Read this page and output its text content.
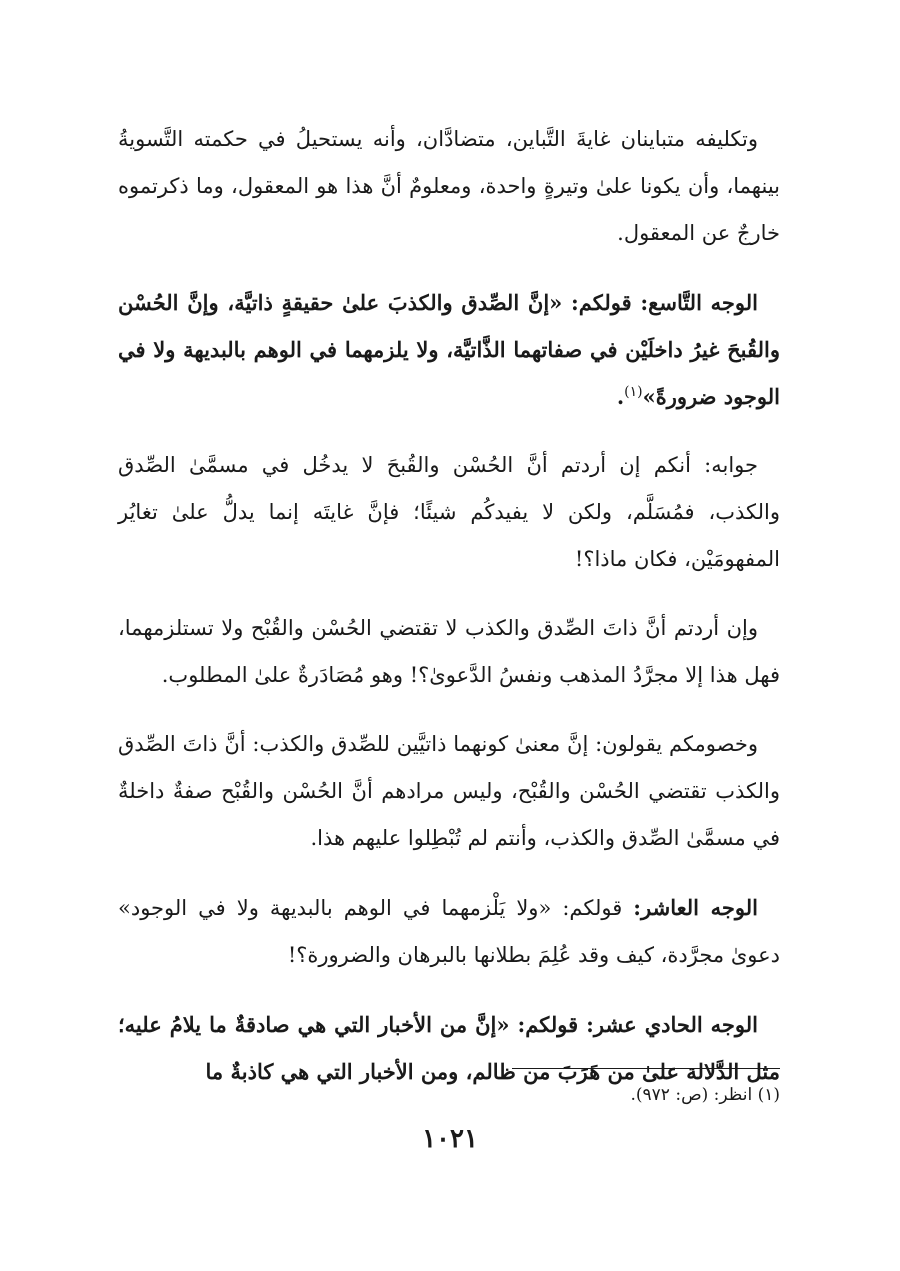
وتكليفه متباينان غايةَ التَّباين، متضادَّان، وأنه يستحيلُ في حكمته التَّسويةُ بينهما، وأن يكونا علىٰ وتيرةٍ واحدة، ومعلومٌ أنَّ هذا هو المعقول، وما ذكرتموه خارجٌ عن المعقول.

الوجه التَّاسع: قولكم: «إنَّ الصِّدق والكذبَ علىٰ حقيقةٍ ذاتيَّة، وإنَّ الحُسْن والقُبحَ غيرُ داخلَيْن في صفاتهما الذَّاتيَّة، ولا يلزمهما في الوهم بالبديهة ولا في الوجود ضرورةً»$^{(١)}$.

جوابه: أنكم إن أردتم أنَّ الحُسْن والقُبحَ لا يدخُل في مسمَّىٰ الصِّدق والكذب، فمُسَلَّم، ولكن لا يفيدكُم شيئًا؛ فإنَّ غايتَه إنما يدلُّ علىٰ تغايُر المفهومَيْن، فكان ماذا؟!

وإن أردتم أنَّ ذاتَ الصِّدق والكذب لا تقتضي الحُسْن والقُبْح ولا تستلزمهما، فهل هذا إلا مجرَّدُ المذهب ونفسُ الدَّعوىٰ؟! وهو مُصَادَرةٌ علىٰ المطلوب.

وخصومكم يقولون: إنَّ معنىٰ كونهما ذاتيَّين للصِّدق والكذب: أنَّ ذاتَ الصِّدق والكذب تقتضي الحُسْن والقُبْح، وليس مرادهم أنَّ الحُسْن والقُبْح صفةٌ داخلةٌ في مسمَّىٰ الصِّدق والكذب، وأنتم لم تُبْطِلوا عليهم هذا.

الوجه العاشر: قولكم: «ولا يَلْزمهما في الوهم بالبديهة ولا في الوجود» دعوىٰ مجرَّدة، كيف وقد عُلِمَ بطلانها بالبرهان والضرورة؟!

الوجه الحادي عشر: قولكم: «إنَّ من الأخبار التي هي صادقةٌ ما يلامُ عليه؛ مثل الدَّلالة علىٰ من هَرَبَ من ظالم، ومن الأخبار التي هي كاذبةٌ ما

(١) انظر: (ص: ٩٧٢).
١٠٢١
